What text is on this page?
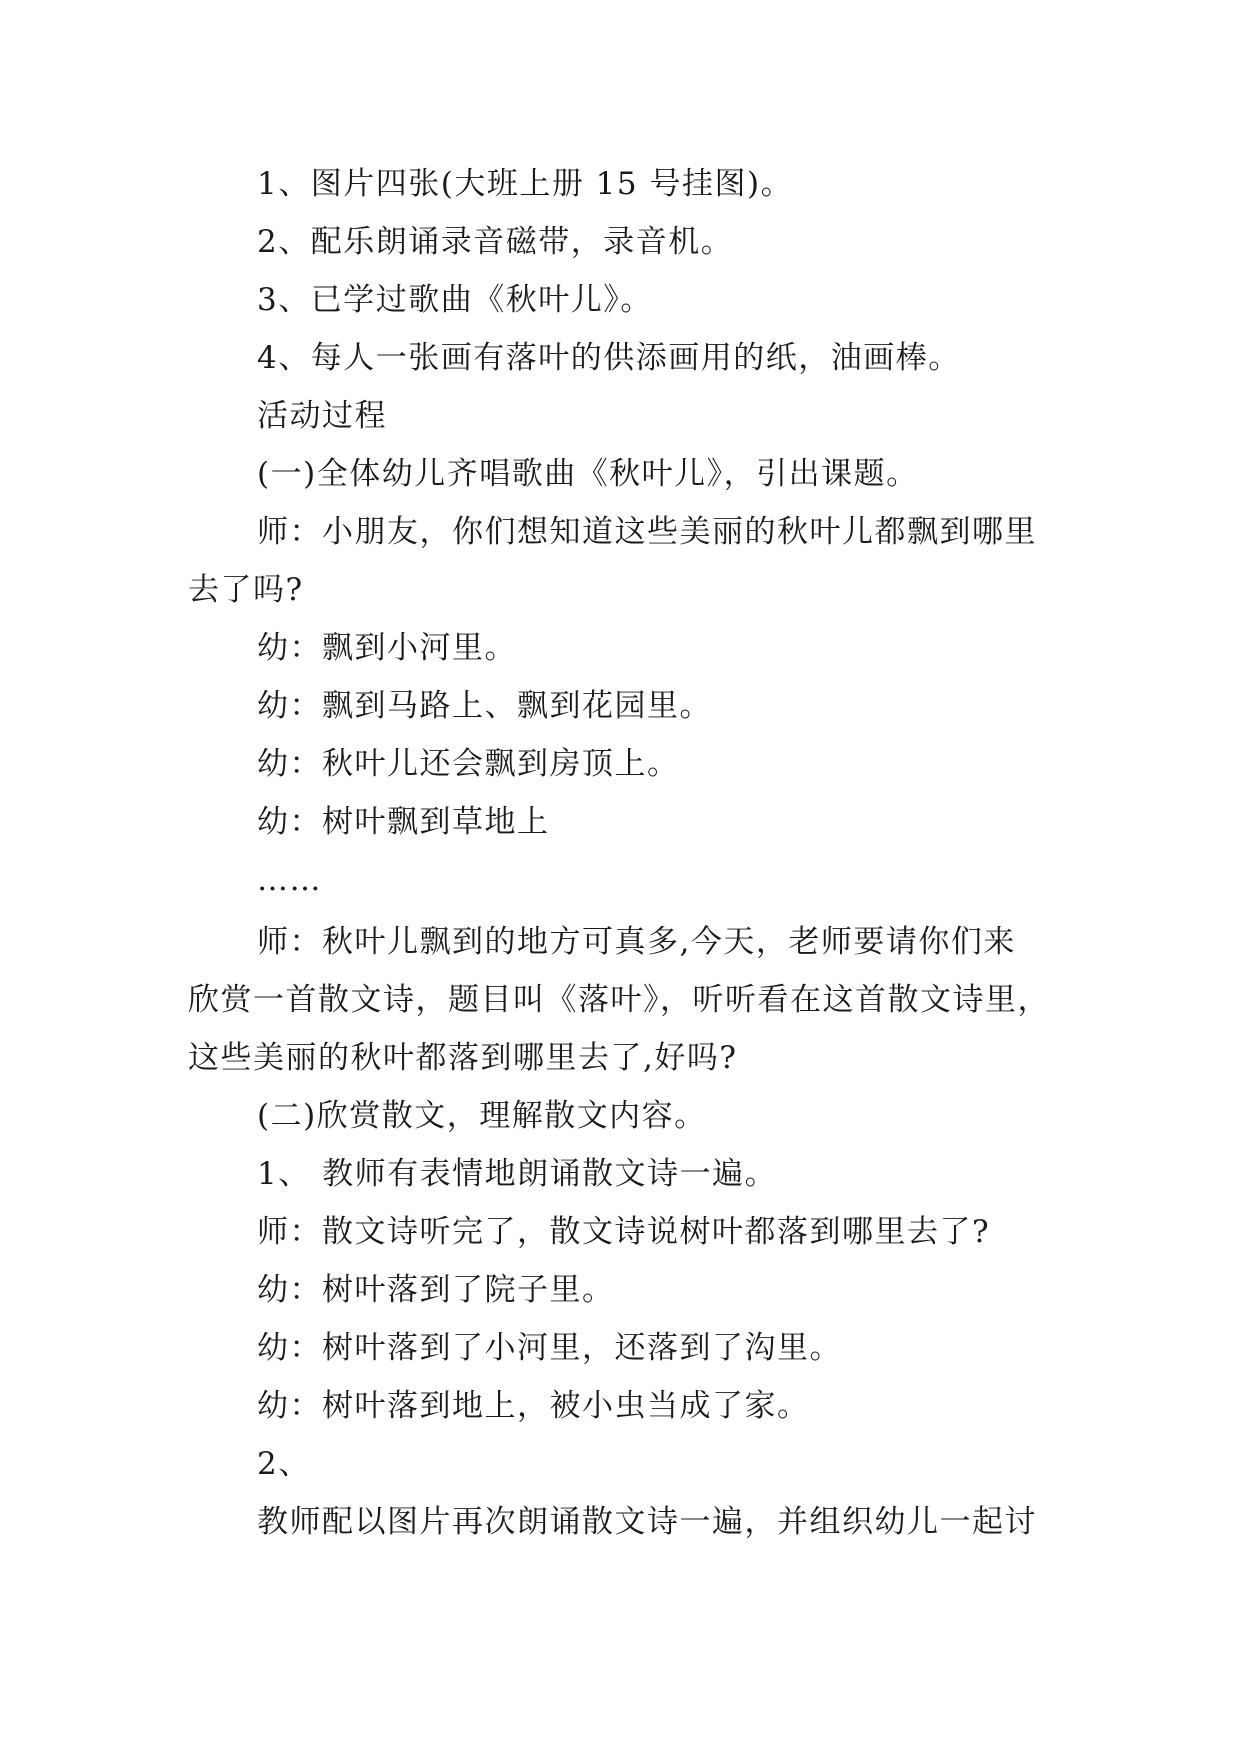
1、图片四张(大班上册 15 号挂图)。
2、配乐朗诵录音磁带，录音机。
3、已学过歌曲《秋叶儿》。
4、每人一张画有落叶的供添画用的纸，油画棒。
活动过程
(一)全体幼儿齐唱歌曲《秋叶儿》，引出课题。
师：小朋友，你们想知道这些美丽的秋叶儿都飘到哪里
去了吗?
幼：飘到小河里。
幼：飘到马路上、飘到花园里。
幼：秋叶儿还会飘到房顶上。
幼：树叶飘到草地上
……
师：秋叶儿飘到的地方可真多,今天，老师要请你们来
欣赏一首散文诗，题目叫《落叶》，听听看在这首散文诗里，
这些美丽的秋叶都落到哪里去了,好吗?
(二)欣赏散文，理解散文内容。
1、 教师有表情地朗诵散文诗一遍。
师：散文诗听完了，散文诗说树叶都落到哪里去了?
幼：树叶落到了院子里。
幼：树叶落到了小河里，还落到了沟里。
幼：树叶落到地上，被小虫当成了家。
2、
教师配以图片再次朗诵散文诗一遍，并组织幼儿一起讨
